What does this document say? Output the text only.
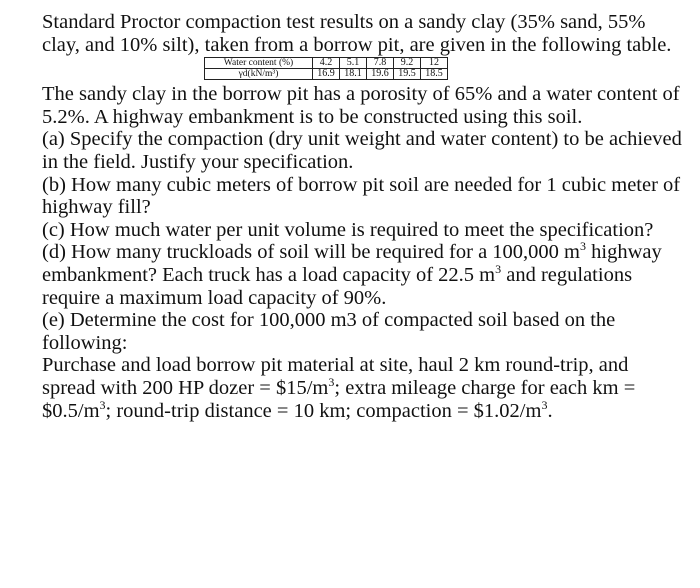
Standard Proctor compaction test results on a sandy clay (35% sand, 55% clay, and 10% silt), taken from a borrow pit, are given in the following table.

Water content (%)	4.2	5.1	7.8	9.2	12
γd(kN/m³)	16.9	18.1	19.6	19.5	18.5

The sandy clay in the borrow pit has a porosity of 65% and a water content of 5.2%. A highway embankment is to be constructed using this soil.

(a) Specify the compaction (dry unit weight and water content) to be achieved in the field. Justify your specification.

(b) How many cubic meters of borrow pit soil are needed for 1 cubic meter of highway fill?

(c) How much water per unit volume is required to meet the specification?

(d) How many truckloads of soil will be required for a 100,000 $m^3$ highway embankment? Each truck has a load capacity of 22.5 $m^3$ and regulations require a maximum load capacity of 90%.

(e) Determine the cost for 100,000 m3 of compacted soil based on the following:

Purchase and load borrow pit material at site, haul 2 km round-trip, and spread with 200 HP dozer = $\$15/m^3$; extra mileage charge for each km = $\$0.5/m^3$; round-trip distance = 10 km; compaction = $\$1.02/m^3$.
